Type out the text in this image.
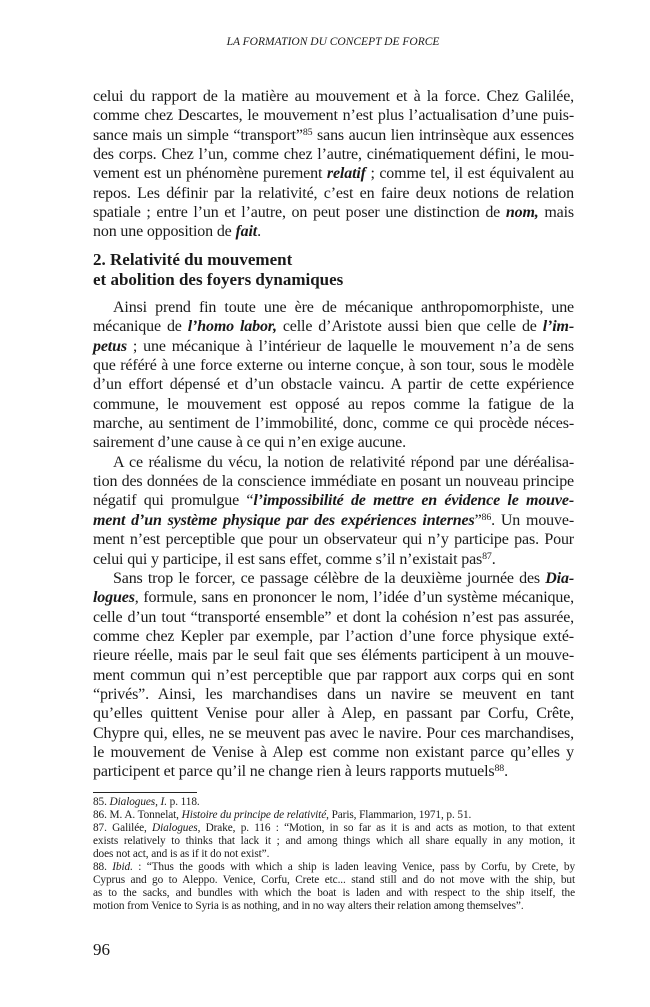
LA FORMATION DU CONCEPT DE FORCE
celui du rapport de la matière au mouvement et à la force. Chez Galilée,
comme chez Descartes, le mouvement n’est plus l’actualisation d’une puis-
sance mais un simple “transport”$^{85}$ sans aucun lien intrinsèque aux essences
des corps. Chez l’un, comme chez l’autre, cinématiquement défini, le mou-
vement est un phénomène purement relatif ; comme tel, il est équivalent au
repos. Les définir par la relativité, c’est en faire deux notions de relation
spatiale ; entre l’un et l’autre, on peut poser une distinction de nom, mais
non une opposition de fait.
2. Relativité du mouvement
et abolition des foyers dynamiques
Ainsi prend fin toute une ère de mécanique anthropomorphiste, une
mécanique de l’homo labor, celle d’Aristote aussi bien que celle de l’im-
petus ; une mécanique à l’intérieur de laquelle le mouvement n’a de sens
que référé à une force externe ou interne conçue, à son tour, sous le modèle
d’un effort dépensé et d’un obstacle vaincu. A partir de cette expérience
commune, le mouvement est opposé au repos comme la fatigue de la
marche, au sentiment de l’immobilité, donc, comme ce qui procède néces-
sairement d’une cause à ce qui n’en exige aucune.
A ce réalisme du vécu, la notion de relativité répond par une déréalisa-
tion des données de la conscience immédiate en posant un nouveau principe
négatif qui promulgue “l’impossibilité de mettre en évidence le mouve-
ment d’un système physique par des expériences internes”$^{86}$. Un mouve-
ment n’est perceptible que pour un observateur qui n’y participe pas. Pour
celui qui y participe, il est sans effet, comme s’il n’existait pas$^{87}$.
Sans trop le forcer, ce passage célèbre de la deuxième journée des Dia-
logues, formule, sans en prononcer le nom, l’idée d’un système mécanique,
celle d’un tout “transporté ensemble” et dont la cohésion n’est pas assurée,
comme chez Kepler par exemple, par l’action d’une force physique exté-
rieure réelle, mais par le seul fait que ses éléments participent à un mouve-
ment commun qui n’est perceptible que par rapport aux corps qui en sont
“privés”. Ainsi, les marchandises dans un navire se meuvent en tant
qu’elles quittent Venise pour aller à Alep, en passant par Corfu, Crête,
Chypre qui, elles, ne se meuvent pas avec le navire. Pour ces marchandises,
le mouvement de Venise à Alep est comme non existant parce qu’elles y
participent et parce qu’il ne change rien à leurs rapports mutuels$^{88}$.
85. Dialogues, I. p. 118.
86. M. A. Tonnelat, Histoire du principe de relativité, Paris, Flammarion, 1971, p. 51.
87. Galilée, Dialogues, Drake, p. 116 : “Motion, in so far as it is and acts as motion, to that extent
exists relatively to thinks that lack it ; and among things which all share equally in any motion, it
does not act, and is as if it do not exist”.
88. Ibid. : “Thus the goods with which a ship is laden leaving Venice, pass by Corfu, by Crete, by
Cyprus and go to Aleppo. Venice, Corfu, Crete etc... stand still and do not move with the ship, but
as to the sacks, and bundles with which the boat is laden and with respect to the ship itself, the
motion from Venice to Syria is as nothing, and in no way alters their relation among themselves”.
96
